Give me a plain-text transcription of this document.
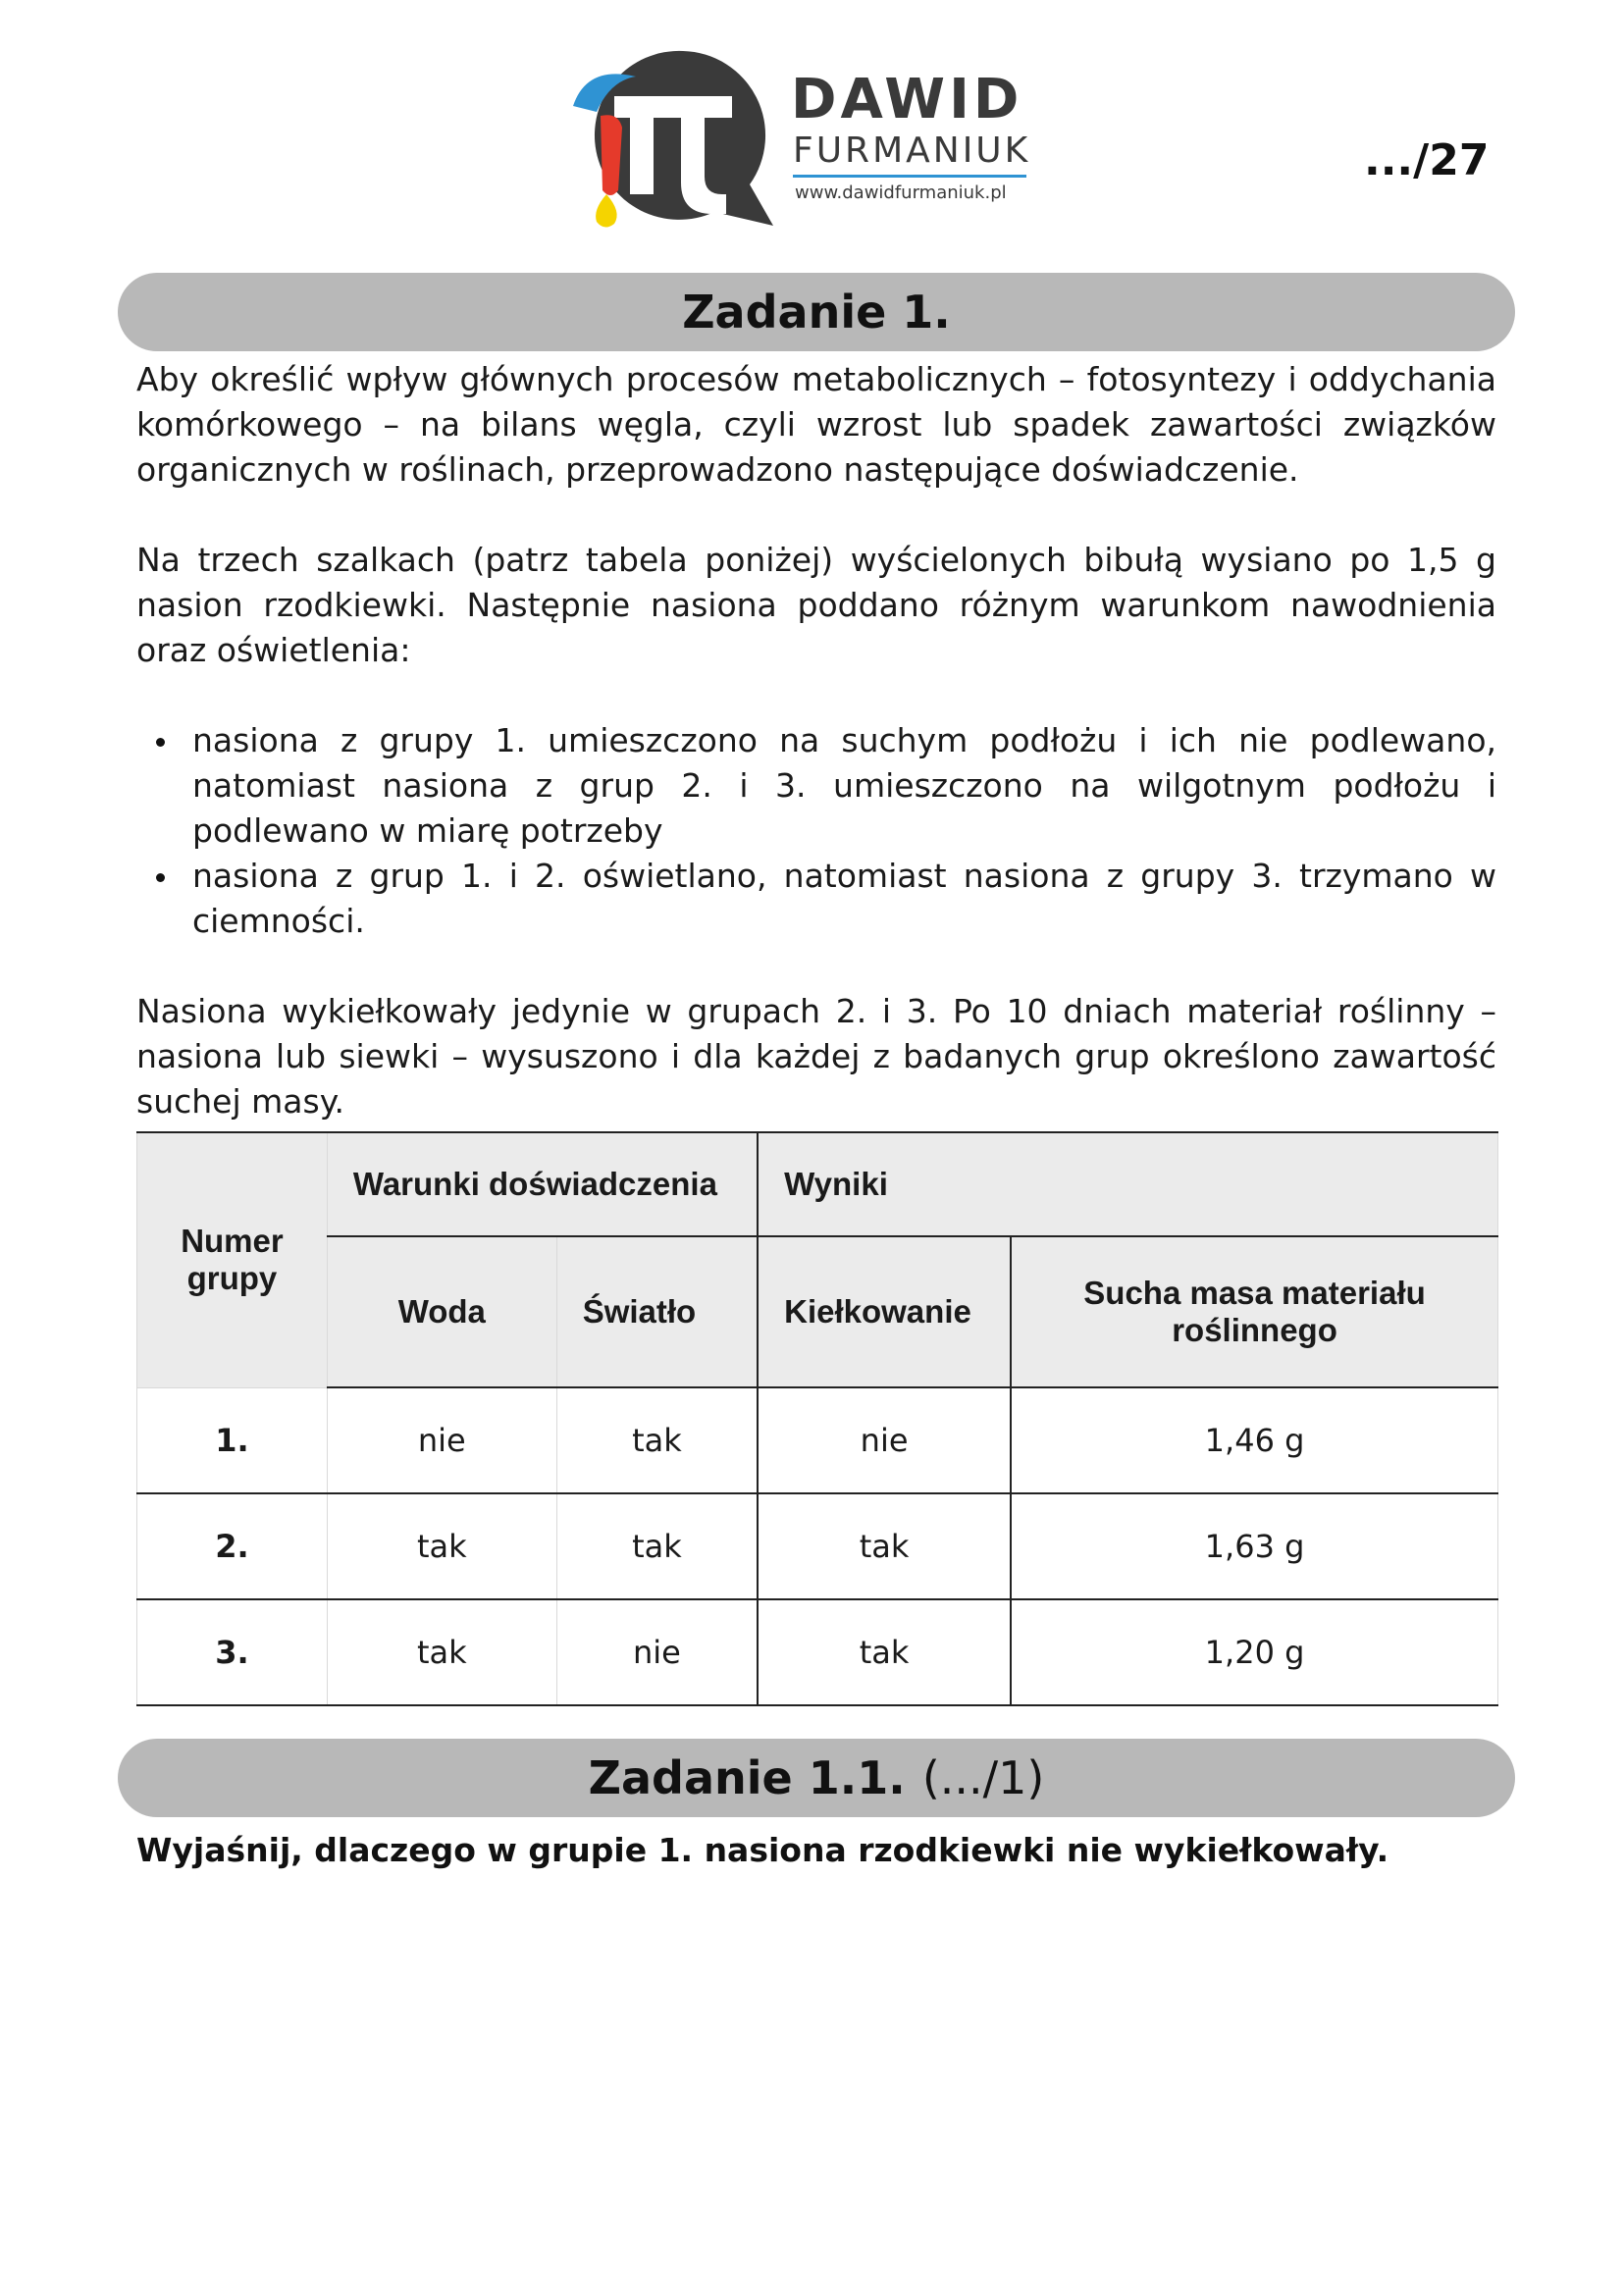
DAWID
FURMANIUK
www.dawidfurmaniuk.pl
.../27
Zadanie 1.
Aby określić wpływ głównych procesów metabolicznych – fotosyntezy i oddychania komórkowego – na bilans węgla, czyli wzrost lub spadek zawartości związków organicznych w roślinach, przeprowadzono następujące doświadczenie.
Na trzech szalkach (patrz tabela poniżej) wyścielonych bibułą wysiano po 1,5 g nasion rzodkiewki. Następnie nasiona poddano różnym warunkom nawodnienia oraz oświetlenia:
nasiona z grupy 1. umieszczono na suchym podłożu i ich nie podlewano, natomiast nasiona z grup 2. i 3. umieszczono na wilgotnym podłożu i podlewano w miarę potrzeby
nasiona z grup 1. i 2. oświetlano, natomiast nasiona z grupy 3. trzymano w ciemności.
Nasiona wykiełkowały jedynie w grupach 2. i 3. Po 10 dniach materiał roślinny – nasiona lub siewki – wysuszono i dla każdej z badanych grup określono zawartość suchej masy.
Numer grupy	Warunki doświadczenia		Wyniki	
	Woda	Światło	Kiełkowanie	Sucha masa materiału roślinnego
1.	nie	tak	nie	1,46 g
2.	tak	tak	tak	1,63 g
3.	tak	nie	tak	1,20 g
Zadanie 1.1. (.../1)
Wyjaśnij, dlaczego w grupie 1. nasiona rzodkiewki nie wykiełkowały.
